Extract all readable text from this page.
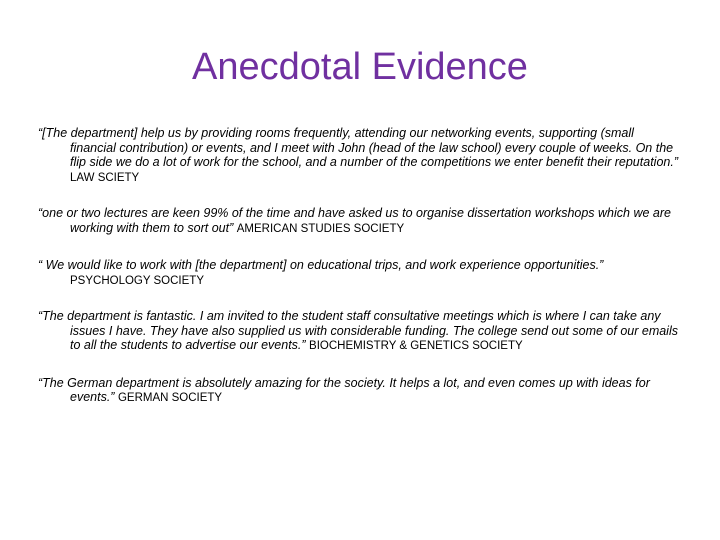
Anecdotal Evidence

“[The department] help us by providing rooms frequently, attending our networking events, supporting (small financial contribution) or events, and I meet with John (head of the law school) every couple of weeks. On the flip side we do a lot of work for the school, and a number of the competitions we enter benefit their reputation.” LAW SCIETY

“one or two lectures are keen 99% of the time and have asked us to organise dissertation workshops which we are working with them to sort out” AMERICAN STUDIES SOCIETY

“ We would like to work with [the department] on educational trips, and work experience opportunities.” PSYCHOLOGY SOCIETY

“The department is fantastic. I am invited to the student staff consultative meetings which is where I can take any issues I have. They have also supplied us with considerable funding. The college send out some of our emails to all the students to advertise our events.” BIOCHEMISTRY & GENETICS SOCIETY

“The German department is absolutely amazing for the society. It helps a lot, and even comes up with ideas for events.” GERMAN SOCIETY
